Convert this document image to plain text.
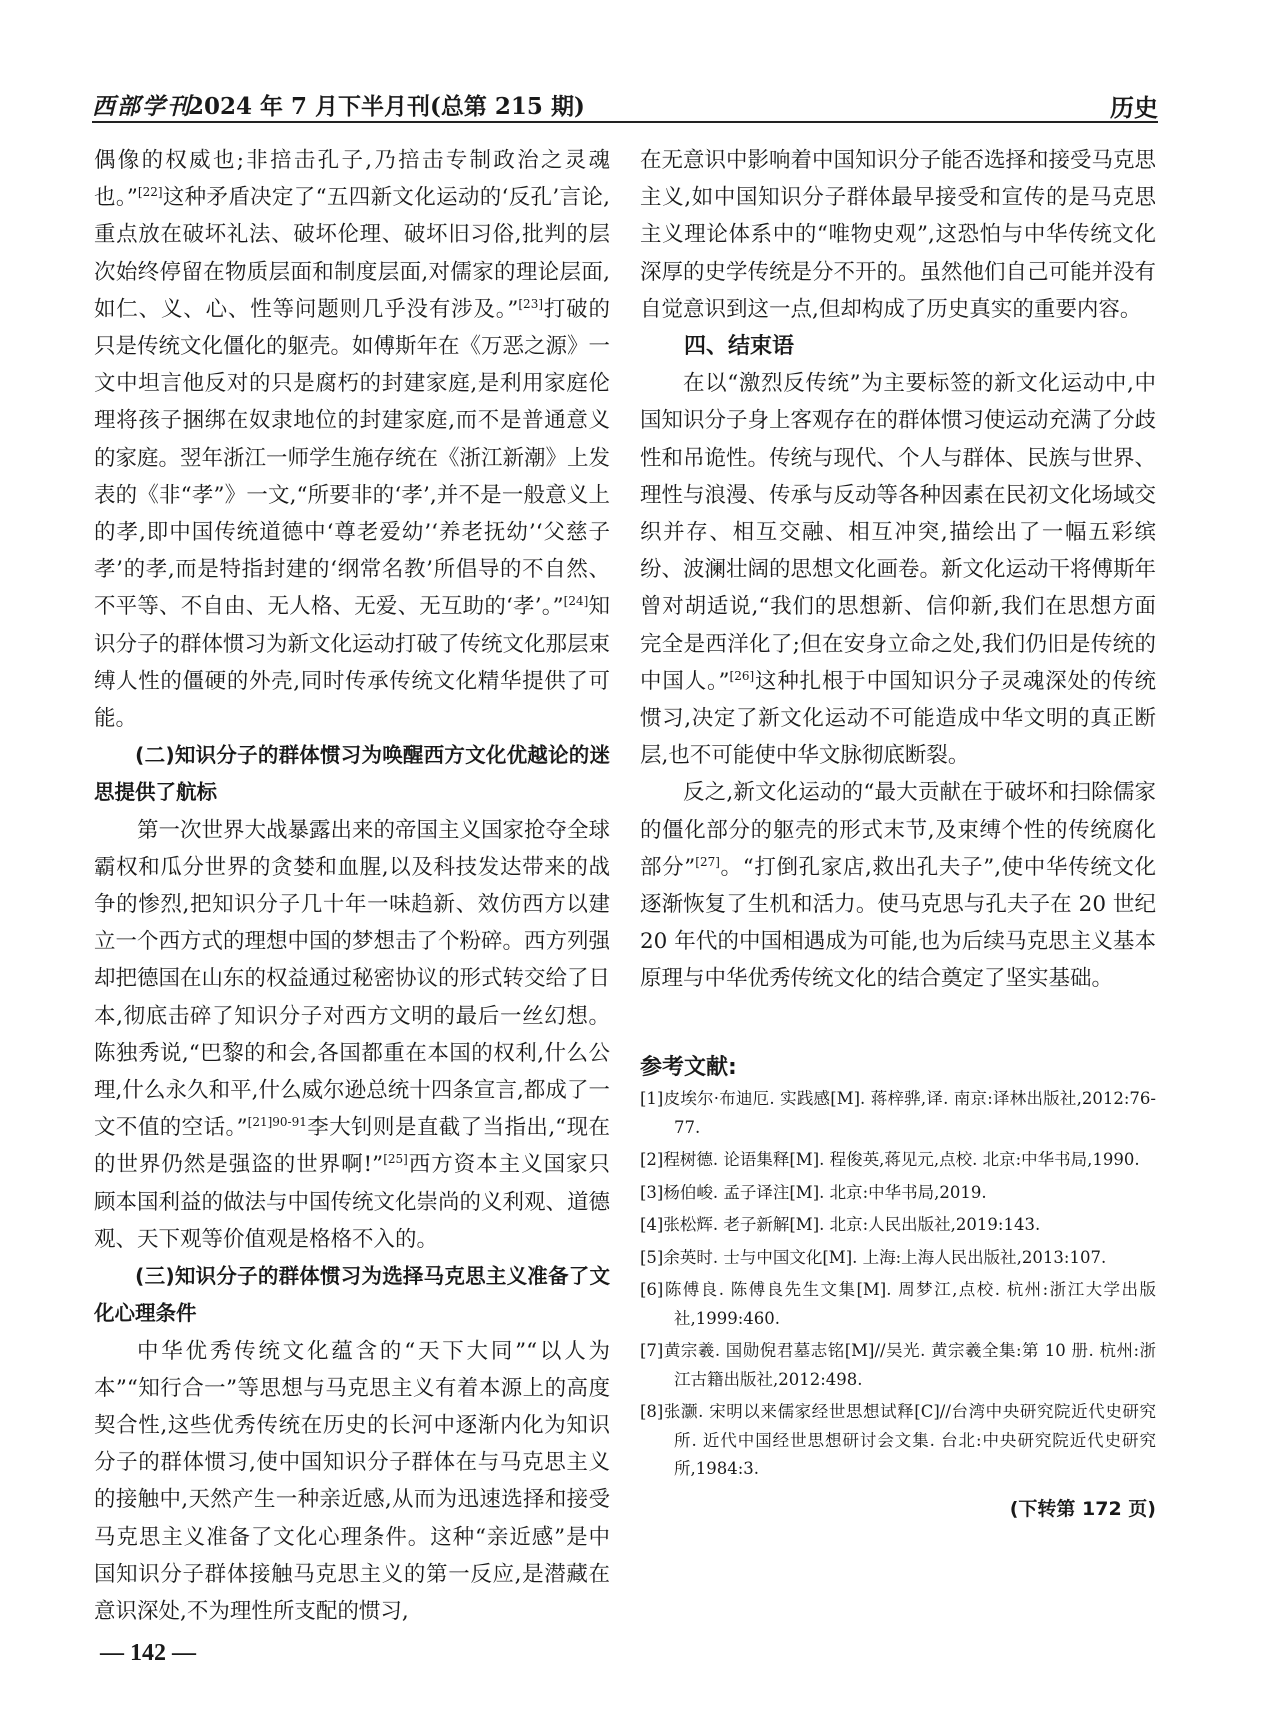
西部学刊
2024 年 7 月下半月刊(总第 215 期)	历史

偶像的权威也;非掊击孔子,乃掊击专制政治之灵魂也。”[22]这种矛盾决定了“五四新文化运动的‘反孔’言论,重点放在破坏礼法、破坏伦理、破坏旧习俗,批判的层次始终停留在物质层面和制度层面,对儒家的理论层面,如仁、义、心、性等问题则几乎没有涉及。”[23]打破的只是传统文化僵化的躯壳。如傅斯年在《万恶之源》一文中坦言他反对的只是腐朽的封建家庭,是利用家庭伦理将孩子捆绑在奴隶地位的封建家庭,而不是普通意义的家庭。翌年浙江一师学生施存统在《浙江新潮》上发表的《非“孝”》一文,“所要非的‘孝’,并不是一般意义上的孝,即中国传统道德中‘尊老爱幼’‘养老抚幼’‘父慈子孝’的孝,而是特指封建的‘纲常名教’所倡导的不自然、不平等、不自由、无人格、无爱、无互助的‘孝’。”[24]知识分子的群体惯习为新文化运动打破了传统文化那层束缚人性的僵硬的外壳,同时传承传统文化精华提供了可能。

(二)知识分子的群体惯习为唤醒西方文化优越论的迷思提供了航标

第一次世界大战暴露出来的帝国主义国家抢夺全球霸权和瓜分世界的贪婪和血腥,以及科技发达带来的战争的惨烈,把知识分子几十年一味趋新、效仿西方以建立一个西方式的理想中国的梦想击了个粉碎。西方列强却把德国在山东的权益通过秘密协议的形式转交给了日本,彻底击碎了知识分子对西方文明的最后一丝幻想。陈独秀说,“巴黎的和会,各国都重在本国的权利,什么公理,什么永久和平,什么威尔逊总统十四条宣言,都成了一文不值的空话。”$^{[21]90-91}$李大钊则是直截了当指出,“现在的世界仍然是强盗的世界啊!”[25]西方资本主义国家只顾本国利益的做法与中国传统文化崇尚的义利观、道德观、天下观等价值观是格格不入的。

(三)知识分子的群体惯习为选择马克思主义准备了文化心理条件

中华优秀传统文化蕴含的“天下大同”“以人为本”“知行合一”等思想与马克思主义有着本源上的高度契合性,这些优秀传统在历史的长河中逐渐内化为知识分子的群体惯习,使中国知识分子群体在与马克思主义的接触中,天然产生一种亲近感,从而为迅速选择和接受马克思主义准备了文化心理条件。这种“亲近感”是中国知识分子群体接触马克思主义的第一反应,是潜藏在意识深处,不为理性所支配的惯习,

在无意识中影响着中国知识分子能否选择和接受马克思主义,如中国知识分子群体最早接受和宣传的是马克思主义理论体系中的“唯物史观”,这恐怕与中华传统文化深厚的史学传统是分不开的。虽然他们自己可能并没有自觉意识到这一点,但却构成了历史真实的重要内容。

四、结束语

在以“激烈反传统”为主要标签的新文化运动中,中国知识分子身上客观存在的群体惯习使运动充满了分歧性和吊诡性。传统与现代、个人与群体、民族与世界、理性与浪漫、传承与反动等各种因素在民初文化场域交织并存、相互交融、相互冲突,描绘出了一幅五彩缤纷、波澜壮阔的思想文化画卷。新文化运动干将傅斯年曾对胡适说,“我们的思想新、信仰新,我们在思想方面完全是西洋化了;但在安身立命之处,我们仍旧是传统的中国人。”[26]这种扎根于中国知识分子灵魂深处的传统惯习,决定了新文化运动不可能造成中华文明的真正断层,也不可能使中华文脉彻底断裂。

反之,新文化运动的“最大贡献在于破坏和扫除儒家的僵化部分的躯壳的形式末节,及束缚个性的传统腐化部分”[27]。“打倒孔家店,救出孔夫子”,使中华传统文化逐渐恢复了生机和活力。使马克思与孔夫子在 20 世纪 20 年代的中国相遇成为可能,也为后续马克思主义基本原理与中华优秀传统文化的结合奠定了坚实基础。

参考文献:

[1]皮埃尔·布迪厄. 实践感[M]. 蒋梓骅,译. 南京:译林出版社,2012:76-77.

[2]程树德. 论语集释[M]. 程俊英,蒋见元,点校. 北京:中华书局,1990.

[3]杨伯峻. 孟子译注[M]. 北京:中华书局,2019.

[4]张松辉. 老子新解[M]. 北京:人民出版社,2019:143.

[5]余英时. 士与中国文化[M]. 上海:上海人民出版社,2013:107.

[6]陈傅良. 陈傅良先生文集[M]. 周梦江,点校. 杭州:浙江大学出版社,1999:460.

[7]黄宗羲. 国勋倪君墓志铭[M]//吴光. 黄宗羲全集:第 10 册. 杭州:浙江古籍出版社,2012:498.

[8]张灏. 宋明以来儒家经世思想试释[C]//台湾中央研究院近代史研究所. 近代中国经世思想研讨会文集. 台北:中央研究院近代史研究所,1984:3.

(下转第 172 页)

— 142 —
